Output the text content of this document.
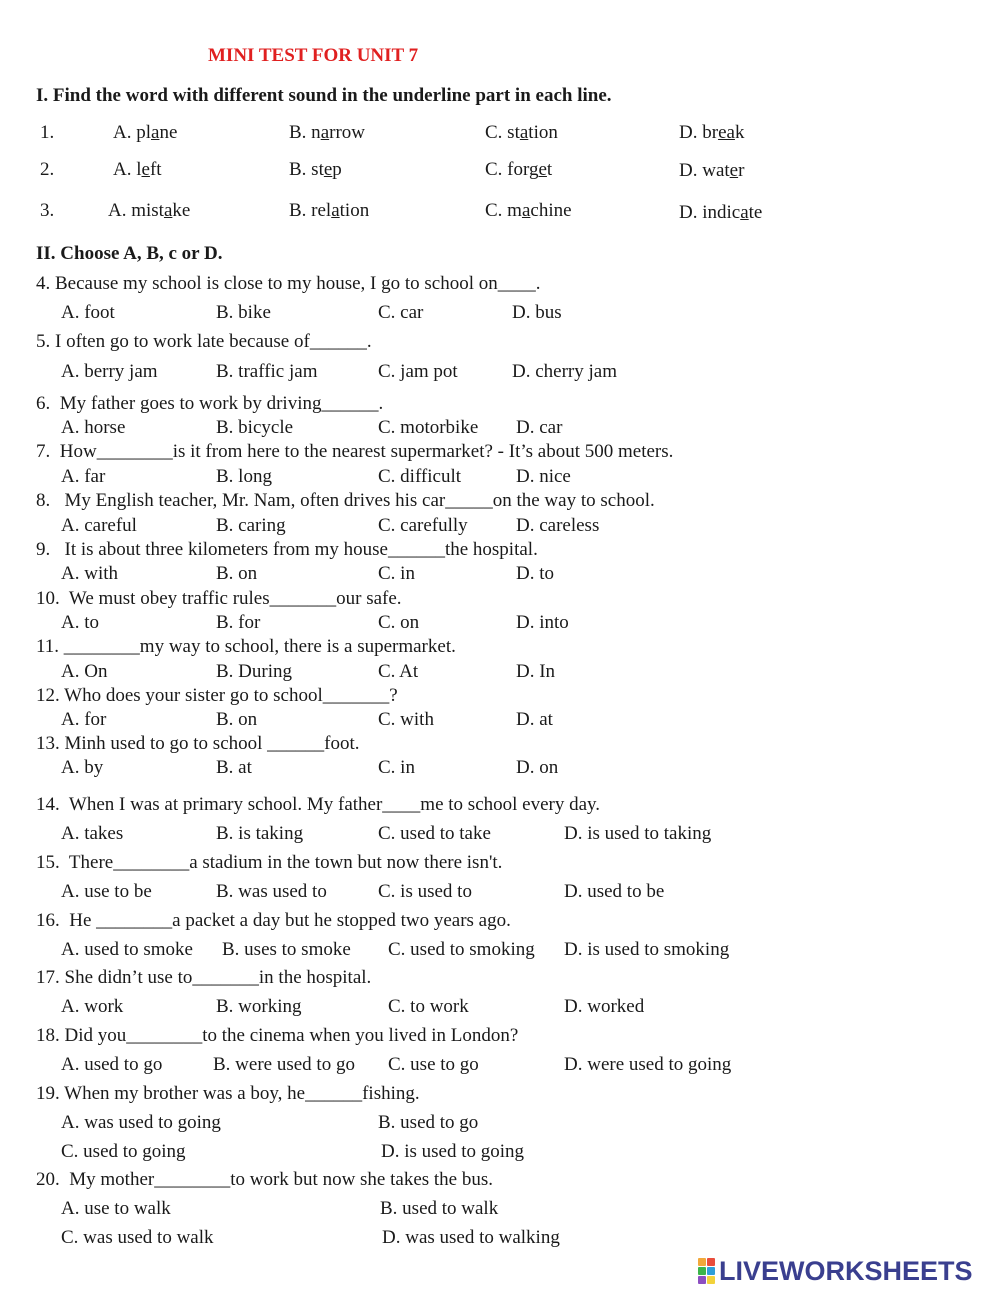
MINI TEST FOR UNIT 7
I. Find the word with different sound in the underline part in each line.
1.	A. plane	B. narrow	C. station	D. break
2.	A. left	B. step	C. forget	D. water
3.	A. mistake	B. relation	C. machine	D. indicate
II. Choose A, B, c or D.
4. Because my school is close to my house, I go to school on____.
A. foot	B. bike	C. car	D. bus
5. I often go to work late because of______.
A. berry jam	B. traffic jam	C. jam pot	D. cherry jam
6.  My father goes to work by driving______.
A. horse	B. bicycle	C. motorbike D. car
7.  How________is it from here to the nearest supermarket? - It’s about 500 meters.
A. far	B. long	C. difficult	D. nice
8.   My English teacher, Mr. Nam, often drives his car_____on the way to school.
A. careful	B. caring	C. carefully	D. careless
9.   It is about three kilometers from my house______the hospital.
A. with	B. on	C. in	D. to
10.  We must obey traffic rules_______our safe.
A. to	B. for	C. on	D. into
11. ________my way to school, there is a supermarket.
A. On	B. During	C. At	D. In
12. Who does your sister go to school_______?
A. for	B. on	C. with	D. at
13. Minh used to go to school ______foot.
A. by	B. at	C. in	D. on
14.  When I was at primary school. My father____me to school every day.
A. takes	B. is taking	C. used to take	D. is used to taking
15.  There________a stadium in the town but now there isn't.
A. use to be	B. was used to	C. is used to	D. used to be
16.  He ________a packet a day but he stopped two years ago.
A. used to smoke B. uses to smoke C. used to smoking D. is used to smoking
17. She didn’t use to_______in the hospital.
A. work	B. working	C. to work	D. worked
18. Did you________to the cinema when you lived in London?
A. used to go	B. were used to go C. use to go	D. were used to going
19. When my brother was a boy, he______fishing.
A. was used to going	B. used to go
C. used to going	D. is used to going
20.  My mother________to work but now she takes the bus.
A. use to walk	B. used to walk
C. was used to walk	D. was used to walking
LIVEWORKSHEETS
